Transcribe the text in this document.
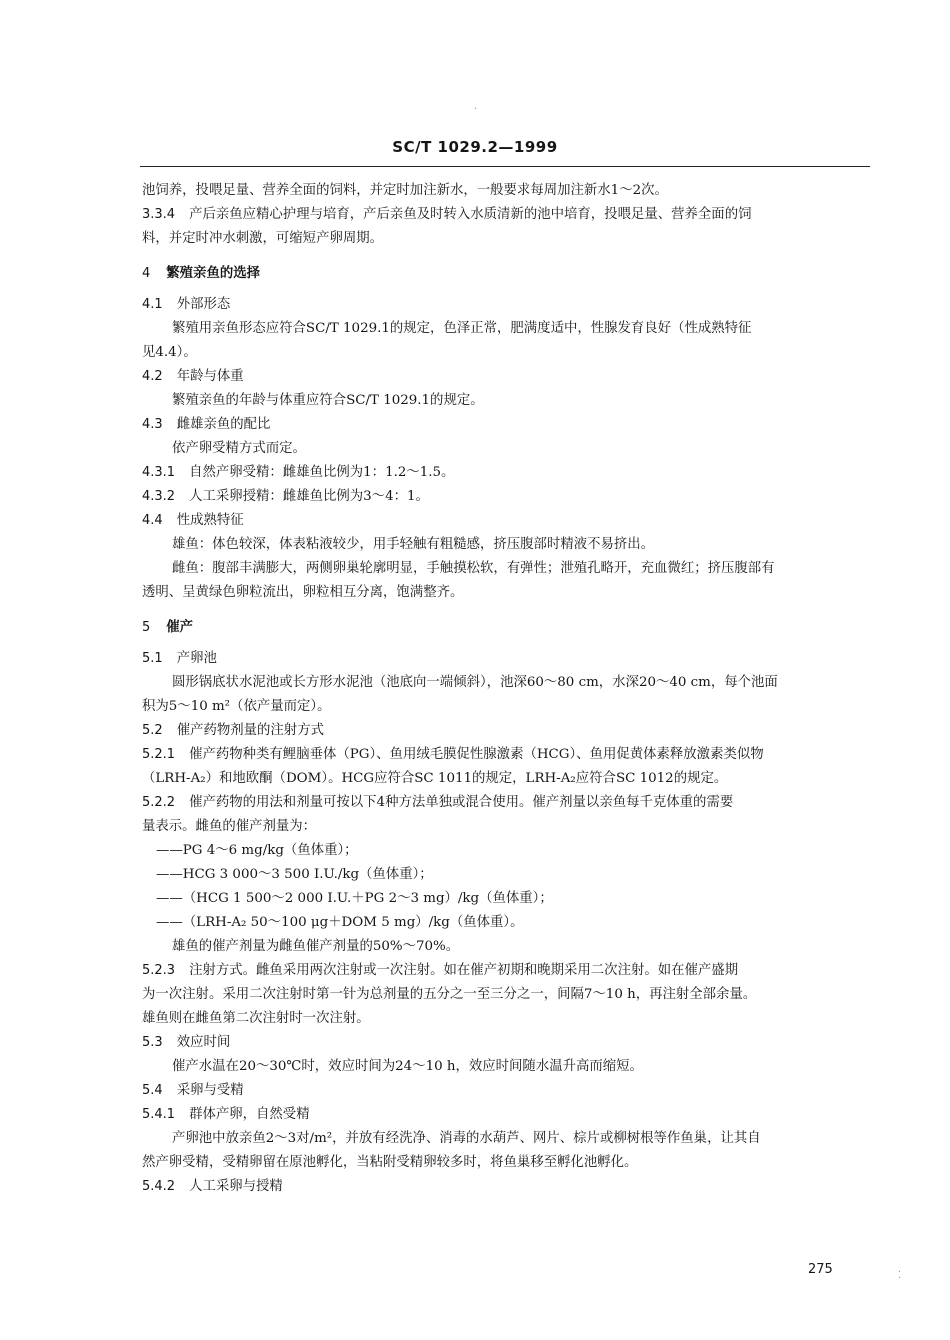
SC/T 1029.2—1999
·
池饲养，投喂足量、营养全面的饲料，并定时加注新水，一般要求每周加注新水1～2次。
3.3.4 产后亲鱼应精心护理与培育，产后亲鱼及时转入水质清新的池中培育，投喂足量、营养全面的饲
料，并定时冲水刺激，可缩短产卵周期。
4 繁殖亲鱼的选择
4.1 外部形态
繁殖用亲鱼形态应符合SC/T 1029.1的规定，色泽正常，肥满度适中，性腺发育良好（性成熟特征
见4.4）。
4.2 年龄与体重
繁殖亲鱼的年龄与体重应符合SC/T 1029.1的规定。
4.3 雌雄亲鱼的配比
依产卵受精方式而定。
4.3.1 自然产卵受精：雌雄鱼比例为1：1.2～1.5。
4.3.2 人工采卵授精：雌雄鱼比例为3～4：1。
4.4 性成熟特征
雄鱼：体色较深，体表粘液较少，用手轻触有粗糙感，挤压腹部时精液不易挤出。
雌鱼：腹部丰满膨大，两侧卵巢轮廓明显，手触摸松软，有弹性；泄殖孔略开，充血微红；挤压腹部有
透明、呈黄绿色卵粒流出，卵粒相互分离，饱满整齐。
5 催产
5.1 产卵池
圆形锅底状水泥池或长方形水泥池（池底向一端倾斜），池深60～80 cm，水深20～40 cm，每个池面
积为5～10 m²（依产量而定）。
5.2 催产药物剂量的注射方式
5.2.1 催产药物种类有鲤脑垂体（PG）、鱼用绒毛膜促性腺激素（HCG）、鱼用促黄体素释放激素类似物
（LRH-A₂）和地欧酮（DOM）。HCG应符合SC 1011的规定，LRH-A₂应符合SC 1012的规定。
5.2.2 催产药物的用法和剂量可按以下4种方法单独或混合使用。催产剂量以亲鱼每千克体重的需要
量表示。雌鱼的催产剂量为：
——PG 4～6 mg/kg（鱼体重）；
——HCG 3 000～3 500 I.U./kg（鱼体重）；
——（HCG 1 500～2 000 I.U.＋PG 2～3 mg）/kg（鱼体重）；
——（LRH-A₂ 50～100 μg＋DOM 5 mg）/kg（鱼体重）。
雄鱼的催产剂量为雌鱼催产剂量的50%～70%。
5.2.3 注射方式。雌鱼采用两次注射或一次注射。如在催产初期和晚期采用二次注射。如在催产盛期
为一次注射。采用二次注射时第一针为总剂量的五分之一至三分之一，间隔7～10 h，再注射全部余量。
雄鱼则在雌鱼第二次注射时一次注射。
5.3 效应时间
催产水温在20～30℃时，效应时间为24～10 h，效应时间随水温升高而缩短。
5.4 采卵与受精
5.4.1 群体产卵，自然受精
产卵池中放亲鱼2～3对/m²，并放有经洗净、消毒的水葫芦、网片、棕片或柳树根等作鱼巢，让其自
然产卵受精，受精卵留在原池孵化，当粘附受精卵较多时，将鱼巢移至孵化池孵化。
5.4.2 人工采卵与授精
275	⁚
